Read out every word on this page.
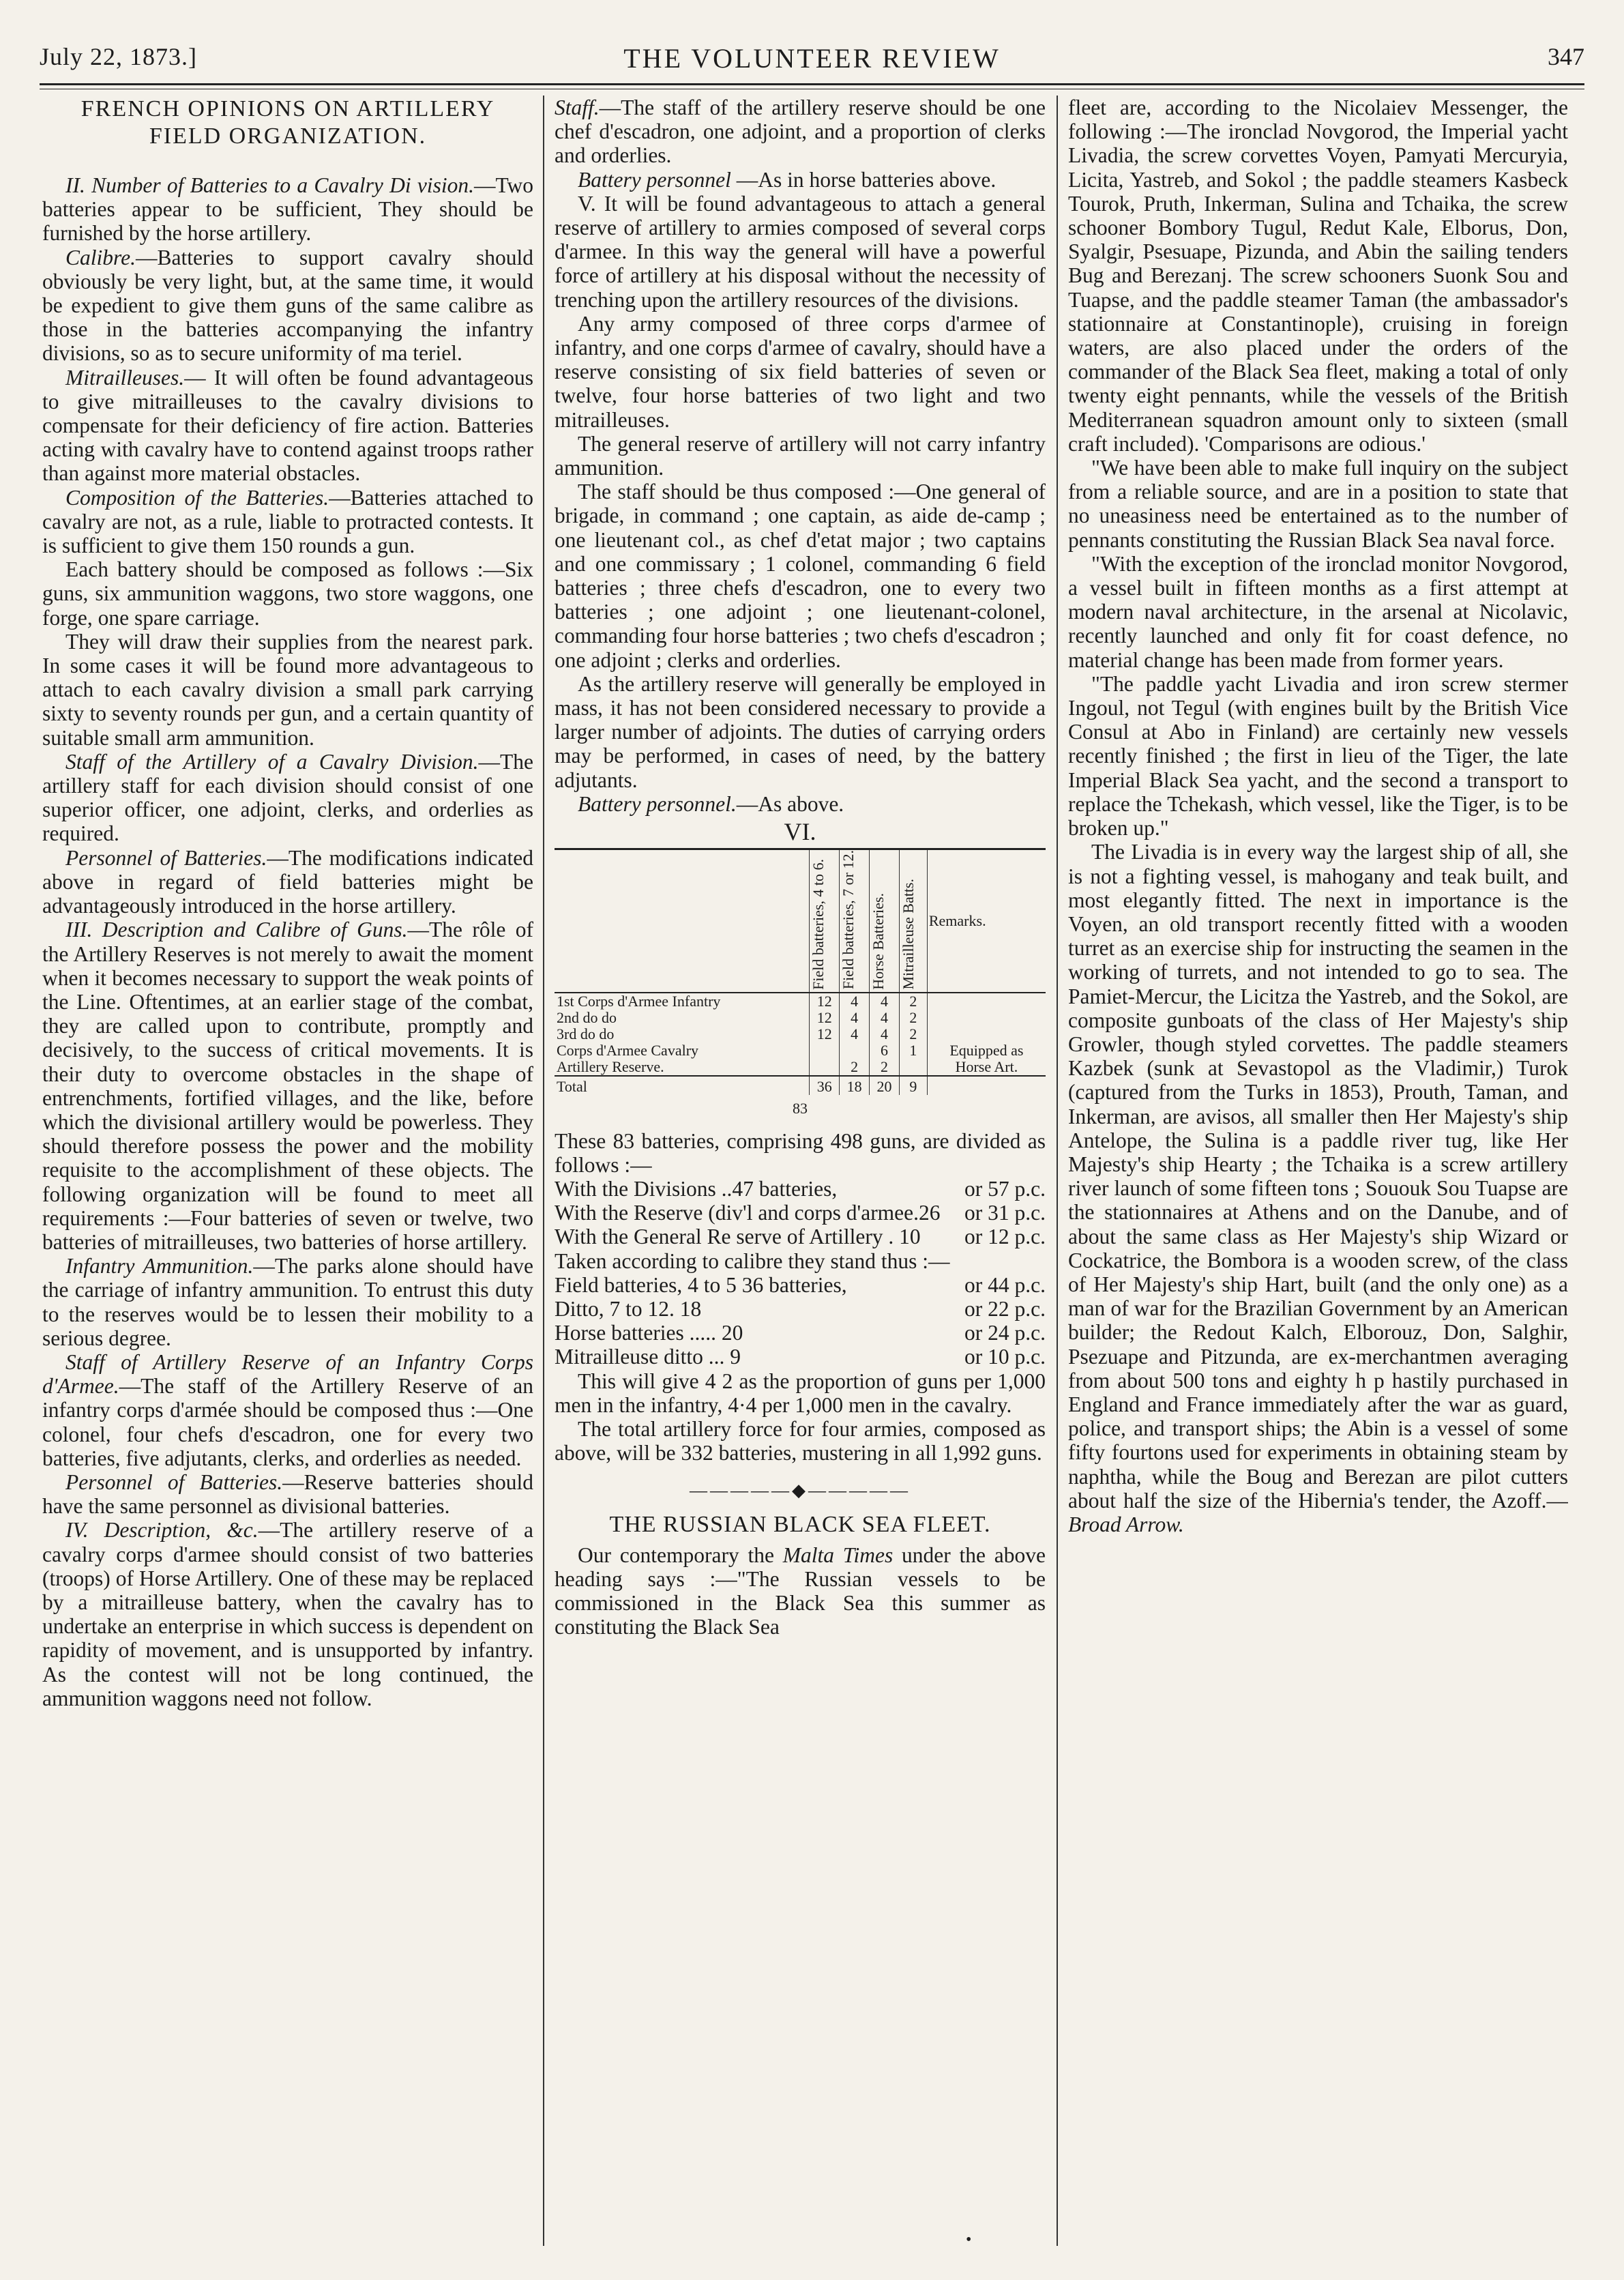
July 22, 1873.]	THE VOLUNTEER REVIEW	347
FRENCH OPINIONS ON ARTILLERY FIELD ORGANIZATION.

II. Number of Batteries to a Cavalry Di vision.—Two batteries appear to be sufficient, They should be furnished by the horse artillery.

Calibre.—Batteries to support cavalry should obviously be very light, but, at the same time, it would be expedient to give them guns of the same calibre as those in the batteries accompanying the infantry divisions, so as to secure uniformity of ma teriel.

Mitrailleuses.— It will often be found advantageous to give mitrailleuses to the cavalry divisions to compensate for their deficiency of fire action. Batteries acting with cavalry have to contend against troops rather than against more material obstacles.

Composition of the Batteries.—Batteries attached to cavalry are not, as a rule, liable to protracted contests. It is sufficient to give them 150 rounds a gun.

Each battery should be composed as follows :—Six guns, six ammunition waggons, two store waggons, one forge, one spare carriage.

They will draw their supplies from the nearest park. In some cases it will be found more advantageous to attach to each cavalry division a small park carrying sixty to seventy rounds per gun, and a certain quantity of suitable small arm ammunition.

Staff of the Artillery of a Cavalry Division.—The artillery staff for each division should consist of one superior officer, one adjoint, clerks, and orderlies as required.

Personnel of Batteries.—The modifications indicated above in regard of field batteries might be advantageously introduced in the horse artillery.

III. Description and Calibre of Guns.—The rôle of the Artillery Reserves is not merely to await the moment when it becomes necessary to support the weak points of the Line. Oftentimes, at an earlier stage of the combat, they are called upon to contribute, promptly and decisively, to the success of critical movements. It is their duty to overcome obstacles in the shape of entrenchments, fortified villages, and the like, before which the divisional artillery would be powerless. They should therefore possess the power and the mobility requisite to the accomplishment of these objects. The following organization will be found to meet all requirements :—Four batteries of seven or twelve, two batteries of mitrailleuses, two batteries of horse artillery.

Infantry Ammunition.—The parks alone should have the carriage of infantry ammunition. To entrust this duty to the reserves would be to lessen their mobility to a serious degree.

Staff of Artillery Reserve of an Infantry Corps d'Armee.—The staff of the Artillery Reserve of an infantry corps d'armée should be composed thus :—One colonel, four chefs d'escadron, one for every two batteries, five adjutants, clerks, and orderlies as needed.

Personnel of Batteries.—Reserve batteries should have the same personnel as divisional batteries.

IV. Description, &c.—The artillery reserve of a cavalry corps d'armee should consist of two batteries (troops) of Horse Artillery. One of these may be replaced by a mitrailleuse battery, when the cavalry has to undertake an enterprise in which success is dependent on rapidity of movement, and is unsupported by infantry. As the contest will not be long continued, the ammunition waggons need not follow.

Staff.—The staff of the artillery reserve should be one chef d'escadron, one adjoint, and a proportion of clerks and orderlies.

Battery personnel —As in horse batteries above.

V. It will be found advantageous to attach a general reserve of artillery to armies composed of several corps d'armee. In this way the general will have a powerful force of artillery at his disposal without the necessity of trenching upon the artillery resources of the divisions.

Any army composed of three corps d'armee of infantry, and one corps d'armee of cavalry, should have a reserve consisting of six field batteries of seven or twelve, four horse batteries of two light and two mitrailleuses.

The general reserve of artillery will not carry infantry ammunition.

The staff should be thus composed :—One general of brigade, in command ; one captain, as aide de-camp ; one lieutenant col., as chef d'etat major ; two captains and one commissary ; 1 colonel, commanding 6 field batteries ; three chefs d'escadron, one to every two batteries ; one adjoint ; one lieutenant-colonel, commanding four horse batteries ; two chefs d'escadron ; one adjoint ; clerks and orderlies.

As the artillery reserve will generally be employed in mass, it has not been considered necessary to provide a larger number of adjoints. The duties of carrying orders may be performed, in cases of need, by the battery adjutants.

Battery personnel.—As above.

VI.
	Field batteries, 4 to 6.	Field batteries, 7 or 12.	Horse Batteries.	Mitrailleuse Batts.	Remarks.
1st Corps d'Armee Infantry	12	4	4	2	
2nd do do	12	4	4	2	
3rd do do	12	4	4	2	
Corps d'Armee Cavalry			6	1	Equipped as
Artillery Reserve.		2	2		Horse Art.
Total	36	18	20	9	
83

These 83 batteries, comprising 498 guns, are divided as follows :—

With the Divisions ..47 batteries,	or 57 p.c.
With the Reserve (div'l and corps d'armee.26 or 31 p.c.
With the General Re serve of Artillery . 10 or 12 p.c.

Taken according to calibre they stand thus :—

Field batteries, 4 to 5 36 batteries,	or 44 p.c.
Ditto, 7 to 12. 18	or 22 p.c.
Horse batteries ..... 20	or 24 p.c.
Mitrailleuse ditto ... 9	or 10 p.c.

This will give 4 2 as the proportion of guns per 1,000 men in the infantry, 4·4 per 1,000 men in the cavalry.

The total artillery force for four armies, composed as above, will be 332 batteries, mustering in all 1,992 guns.

—————◆—————
THE RUSSIAN BLACK SEA FLEET.

Our contemporary the Malta Times under the above heading says :—"The Russian vessels to be commissioned in the Black Sea this summer as constituting the Black Sea

fleet are, according to the Nicolaiev Messenger, the following :—The ironclad Novgorod, the Imperial yacht Livadia, the screw corvettes Voyen, Pamyati Mercuryia, Licita, Yastreb, and Sokol ; the paddle steamers Kasbeck Tourok, Pruth, Inkerman, Sulina and Tchaika, the screw schooner Bombory Tugul, Redut Kale, Elborus, Don, Syalgir, Psesuape, Pizunda, and Abin the sailing tenders Bug and Berezanj. The screw schooners Suonk Sou and Tuapse, and the paddle steamer Taman (the ambassador's stationnaire at Constantinople), cruising in foreign waters, are also placed under the orders of the commander of the Black Sea fleet, making a total of only twenty eight pennants, while the vessels of the British Mediterranean squadron amount only to sixteen (small craft included). 'Comparisons are odious.'

"We have been able to make full inquiry on the subject from a reliable source, and are in a position to state that no uneasiness need be entertained as to the number of pennants constituting the Russian Black Sea naval force.

"With the exception of the ironclad monitor Novgorod, a vessel built in fifteen months as a first attempt at modern naval architecture, in the arsenal at Nicolavic, recently launched and only fit for coast defence, no material change has been made from former years.

"The paddle yacht Livadia and iron screw stermer Ingoul, not Tegul (with engines built by the British Vice Consul at Abo in Finland) are certainly new vessels recently finished ; the first in lieu of the Tiger, the late Imperial Black Sea yacht, and the second a transport to replace the Tchekash, which vessel, like the Tiger, is to be broken up."

The Livadia is in every way the largest ship of all, she is not a fighting vessel, is mahogany and teak built, and most elegantly fitted. The next in importance is the Voyen, an old transport recently fitted with a wooden turret as an exercise ship for instructing the seamen in the working of turrets, and not intended to go to sea. The Pamiet-Mercur, the Licitza the Yastreb, and the Sokol, are composite gunboats of the class of Her Majesty's ship Growler, though styled corvettes. The paddle steamers Kazbek (sunk at Sevastopol as the Vladimir,) Turok (captured from the Turks in 1853), Prouth, Taman, and Inkerman, are avisos, all smaller then Her Majesty's ship Antelope, the Sulina is a paddle river tug, like Her Majesty's ship Hearty ; the Tchaika is a screw artillery river launch of some fifteen tons ; Sououk Sou Tuapse are the stationnaires at Athens and on the Danube, and of about the same class as Her Majesty's ship Wizard or Cockatrice, the Bombora is a wooden screw, of the class of Her Majesty's ship Hart, built (and the only one) as a man of war for the Brazilian Government by an American builder; the Redout Kalch, Elborouz, Don, Salghir, Psezuape and Pitzunda, are ex-merchantmen averaging from about 500 tons and eighty h p hastily purchased in England and France immediately after the war as guard, police, and transport ships; the Abin is a vessel of some fifty fourtons used for experiments in obtaining steam by naphtha, while the Boug and Berezan are pilot cutters about half the size of the Hibernia's tender, the Azoff.—Broad Arrow.

•
